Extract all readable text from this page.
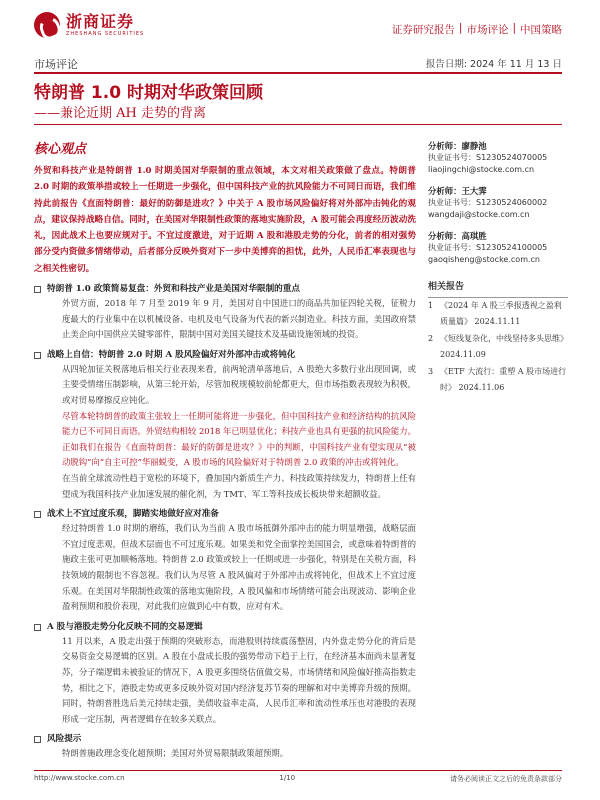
浙商证券
ZHESHANG SECURITIES	证券研究报告 | 市场评论 | 中国策略
市场评论	报告日期: 2024 年 11 月 13 日
特朗普 1.0 时期对华政策回顾
——兼论近期 AH 走势的背离
核心观点
外贸和科技产业是特朗普 1.0 时期美国对华限制的重点领域，本文对相关政策做了盘点。特朗普 2.0 时期的政策举措或较上一任期进一步强化，但中国科技产业的抗风险能力不可同日而语，我们维持此前报告《直面特朗普：最好的防御是进攻？》中关于 A 股市场风险偏好将对外部冲击钝化的观点，建议保持战略自信。同时，在美国对华限制性政策的落地实施阶段，A 股可能会再度经历波动洗礼，因此战术上也要应规对于。不宜过度激进，对于近期 A 股和港股走势的分化，前者的相对强势部分受内资做多情绪带动，后者部分反映外资对下一步中美博弈的担忧，此外，人民币汇率表现也与之相关性密切。
特朗普 1.0 政策简易复盘：外贸和科技产业是美国对华限制的重点
外贸方面，2018 年 7 月至 2019 年 9 月，美国对自中国进口的商品共加征四轮关税，征税力度最大的行业集中在以机械设备、电机及电气设备为代表的新兴制造业。科技方面，美国政府禁止美企向中国供应关键零部件，限制中国对美国关键技术及基础设施领域的投资。
战略上自信：特朗普 2.0 时期 A 股风险偏好对外部冲击或将钝化
从四轮加征关税落地后相关行业表现来看，前两轮清单落地后，A 股绝大多数行业出现回调，或主要受情绪压制影响，从第三轮开始，尽管加税规模较前轮都更大，但市场指数表现较为积极，或对贸易摩擦反应钝化。
尽管本轮特朗普的政策主张较上一任期可能将进一步强化，但中国科技产业和经济结构的抗风险能力已不可同日而语。外贸结构相较 2018 年已明显优化；科技产业也具有更强的抗风险能力。正如我们在报告《直面特朗普：最好的防御是进攻？》中的判断，中国科技产业有望实现从“被动脱钩”向“自主可控”华丽蜕变，A 股市场的风险偏好对于特朗普 2.0 政策的冲击或将钝化。
在当前全球流动性趋于宽松的环境下，叠加国内新质生产力、科技政策持续发力，特朗普上任有望成为我国科技产业加速发展的催化剂，为 TMT、军工等科技成长板块带来超额收益。
战术上不宜过度乐观，脚踏实地做好应对准备
经过特朗普 1.0 时期的磨练，我们认为当前 A 股市场抵御外部冲击的能力明显增强，战略层面不宜过度悲观，但战术层面也不可过度乐观。如果美和党全面掌控美国国会，或意味着特朗普的施政主张可更加顺畅落地。特朗普 2.0 政策或较上一任期或进一步强化，特别是在关税方面，科技领域的限制也不容忽视。我们认为尽管 A 股风偏对于外部冲击或将钝化，但战术上不宜过度乐观。在美国对华限制性政策的落地实施阶段，A 股风偏和市场情绪可能会出现波动、影响企业盈利预期和股价表现，对此我们应做到心中有数，应对有术。
A 股与港股走势分化反映不同的交易逻辑
11 月以来，A 股走出强于预期的突破形态，而港股则持续震荡整固，内外盘走势分化的背后是交易资金交易逻辑的区别。A 股在小盘成长股的强势带动下趋于上行，在经济基本面尚未显著复苏，分子端逻辑未被验证的情况下，A 股更多围绕估值做交易，市场情绪和风险偏好推高指数走势，相比之下，港股走势或更多反映外资对国内经济复苏节奏的理解和对中美博弈升级的预期。同时，特朗普胜选后美元持续走强，美债收益率走高，人民币汇率和流动性承压也对港股的表现形成一定压制，两者逻辑存在较多关联点。
风险提示
特朗普施政理念变化超预期；美国对外贸易限制政策超预期。
分析师：廖静池
执业证书号：S1230524070005
liaojingchi@stocke.com.cn
分析师：王大霁
执业证书号：S1230524060002
wangdaji@stocke.com.cn
分析师：高琪胜
执业证书号：S1230524100005
gaoqisheng@stocke.com.cn
相关报告
1 《2024 年 A 股三季报透视之盈利质量篇》 2024.11.11
2 《短线复杂化，中线坚持多头思维》 2024.11.09
3 《ETF 大流行：重塑 A 股市场进行时》 2024.11.06
http://www.stocke.com.cn	1/10	请务必阅读正文之后的免责条款部分
